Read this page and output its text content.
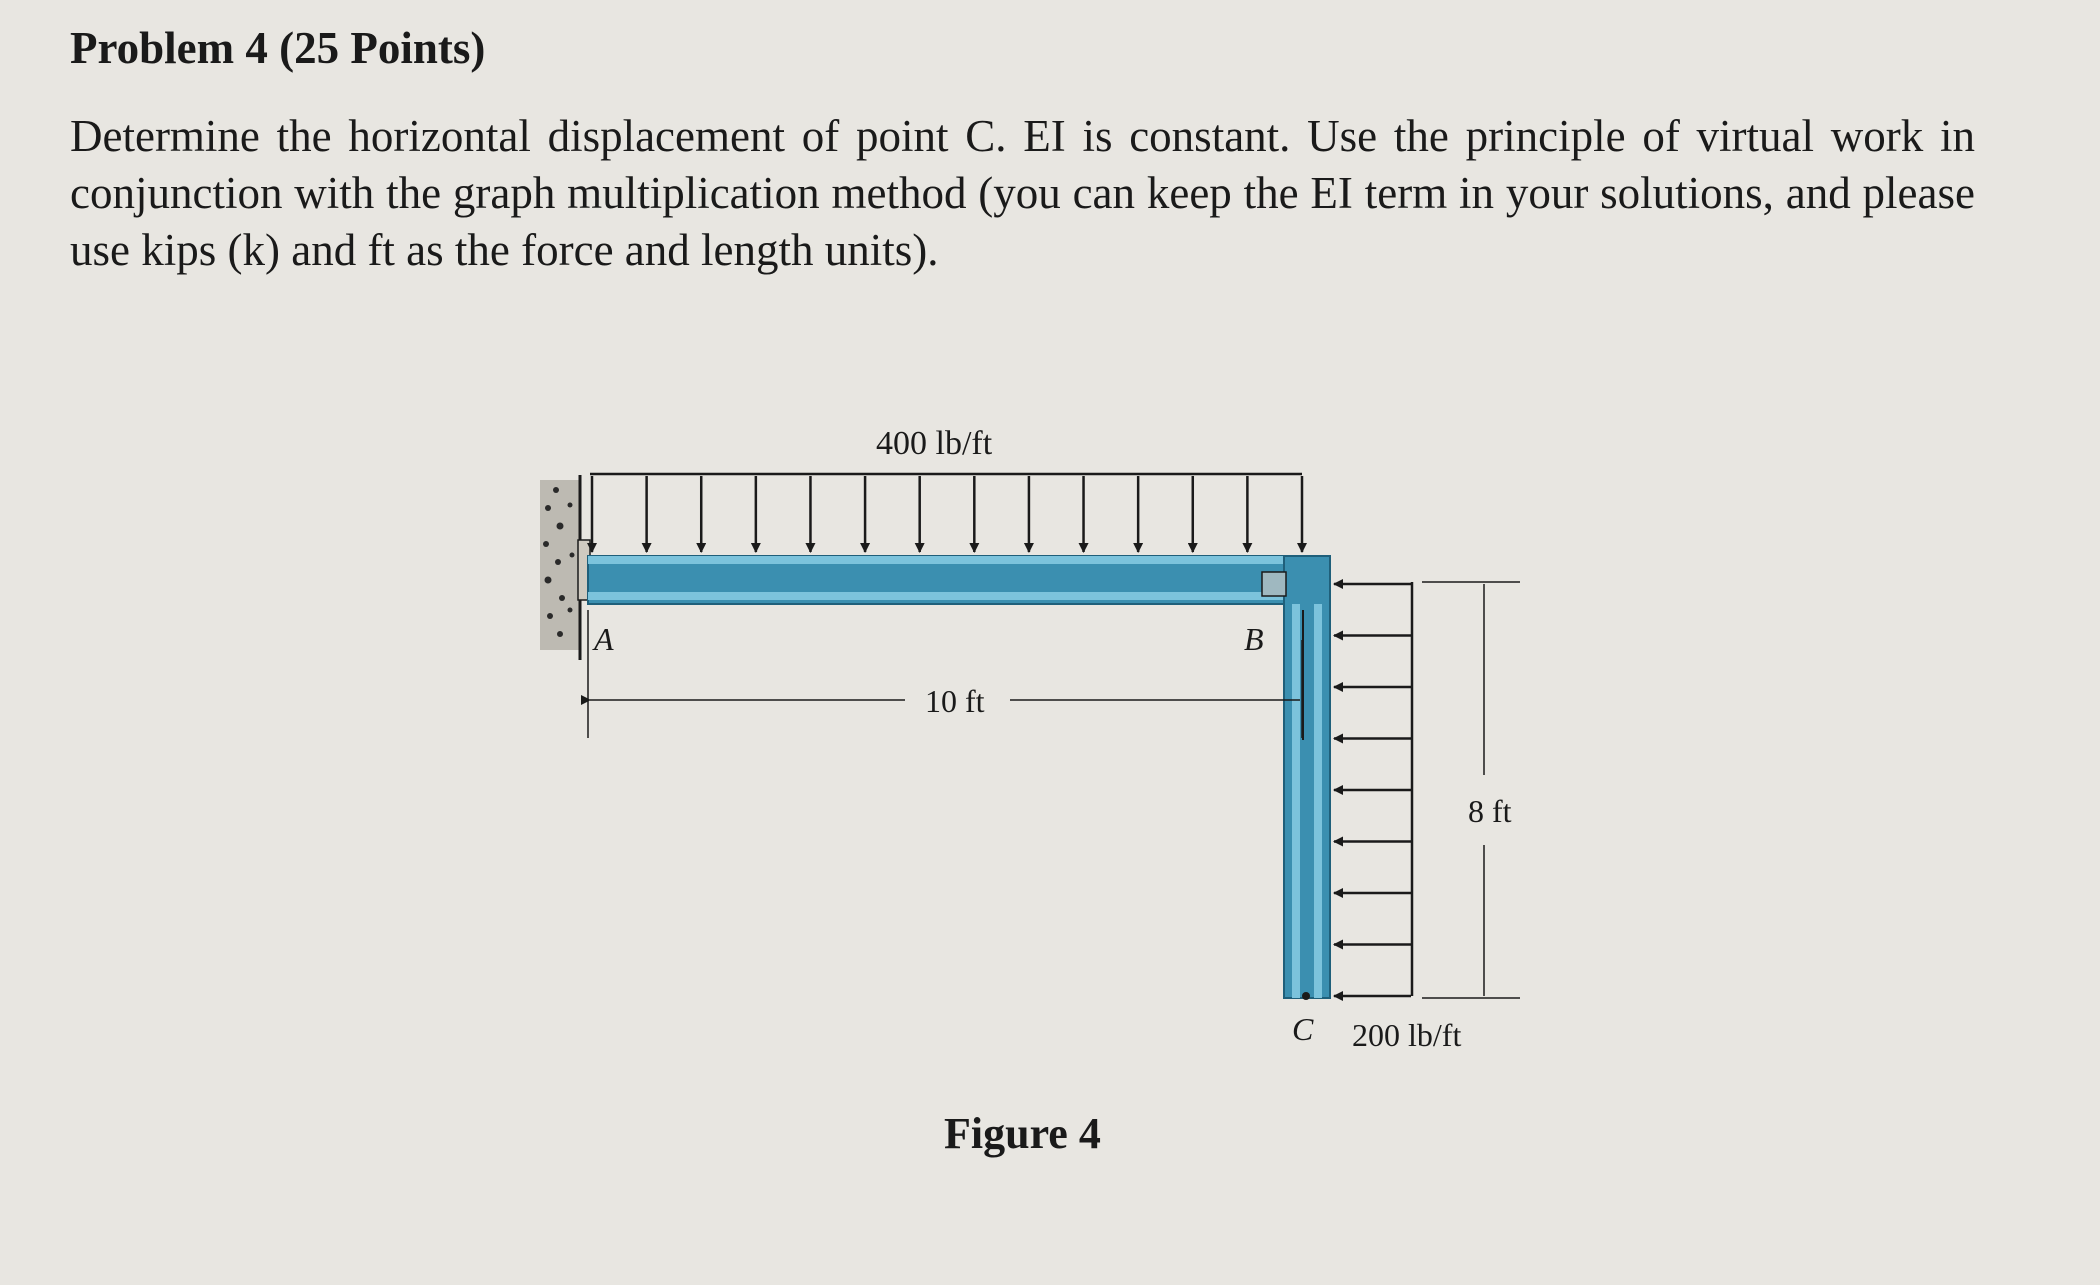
Problem 4 (25 Points)

Determine the horizontal displacement of point C. EI is constant. Use the principle of virtual work in conjunction with the graph multiplication method (you can keep the EI term in your solutions, and please use kips (k) and ft as the force and length units).

400 lb/ft
200 lb/ft
10 ft
8 ft
A	B
C
Figure 4
